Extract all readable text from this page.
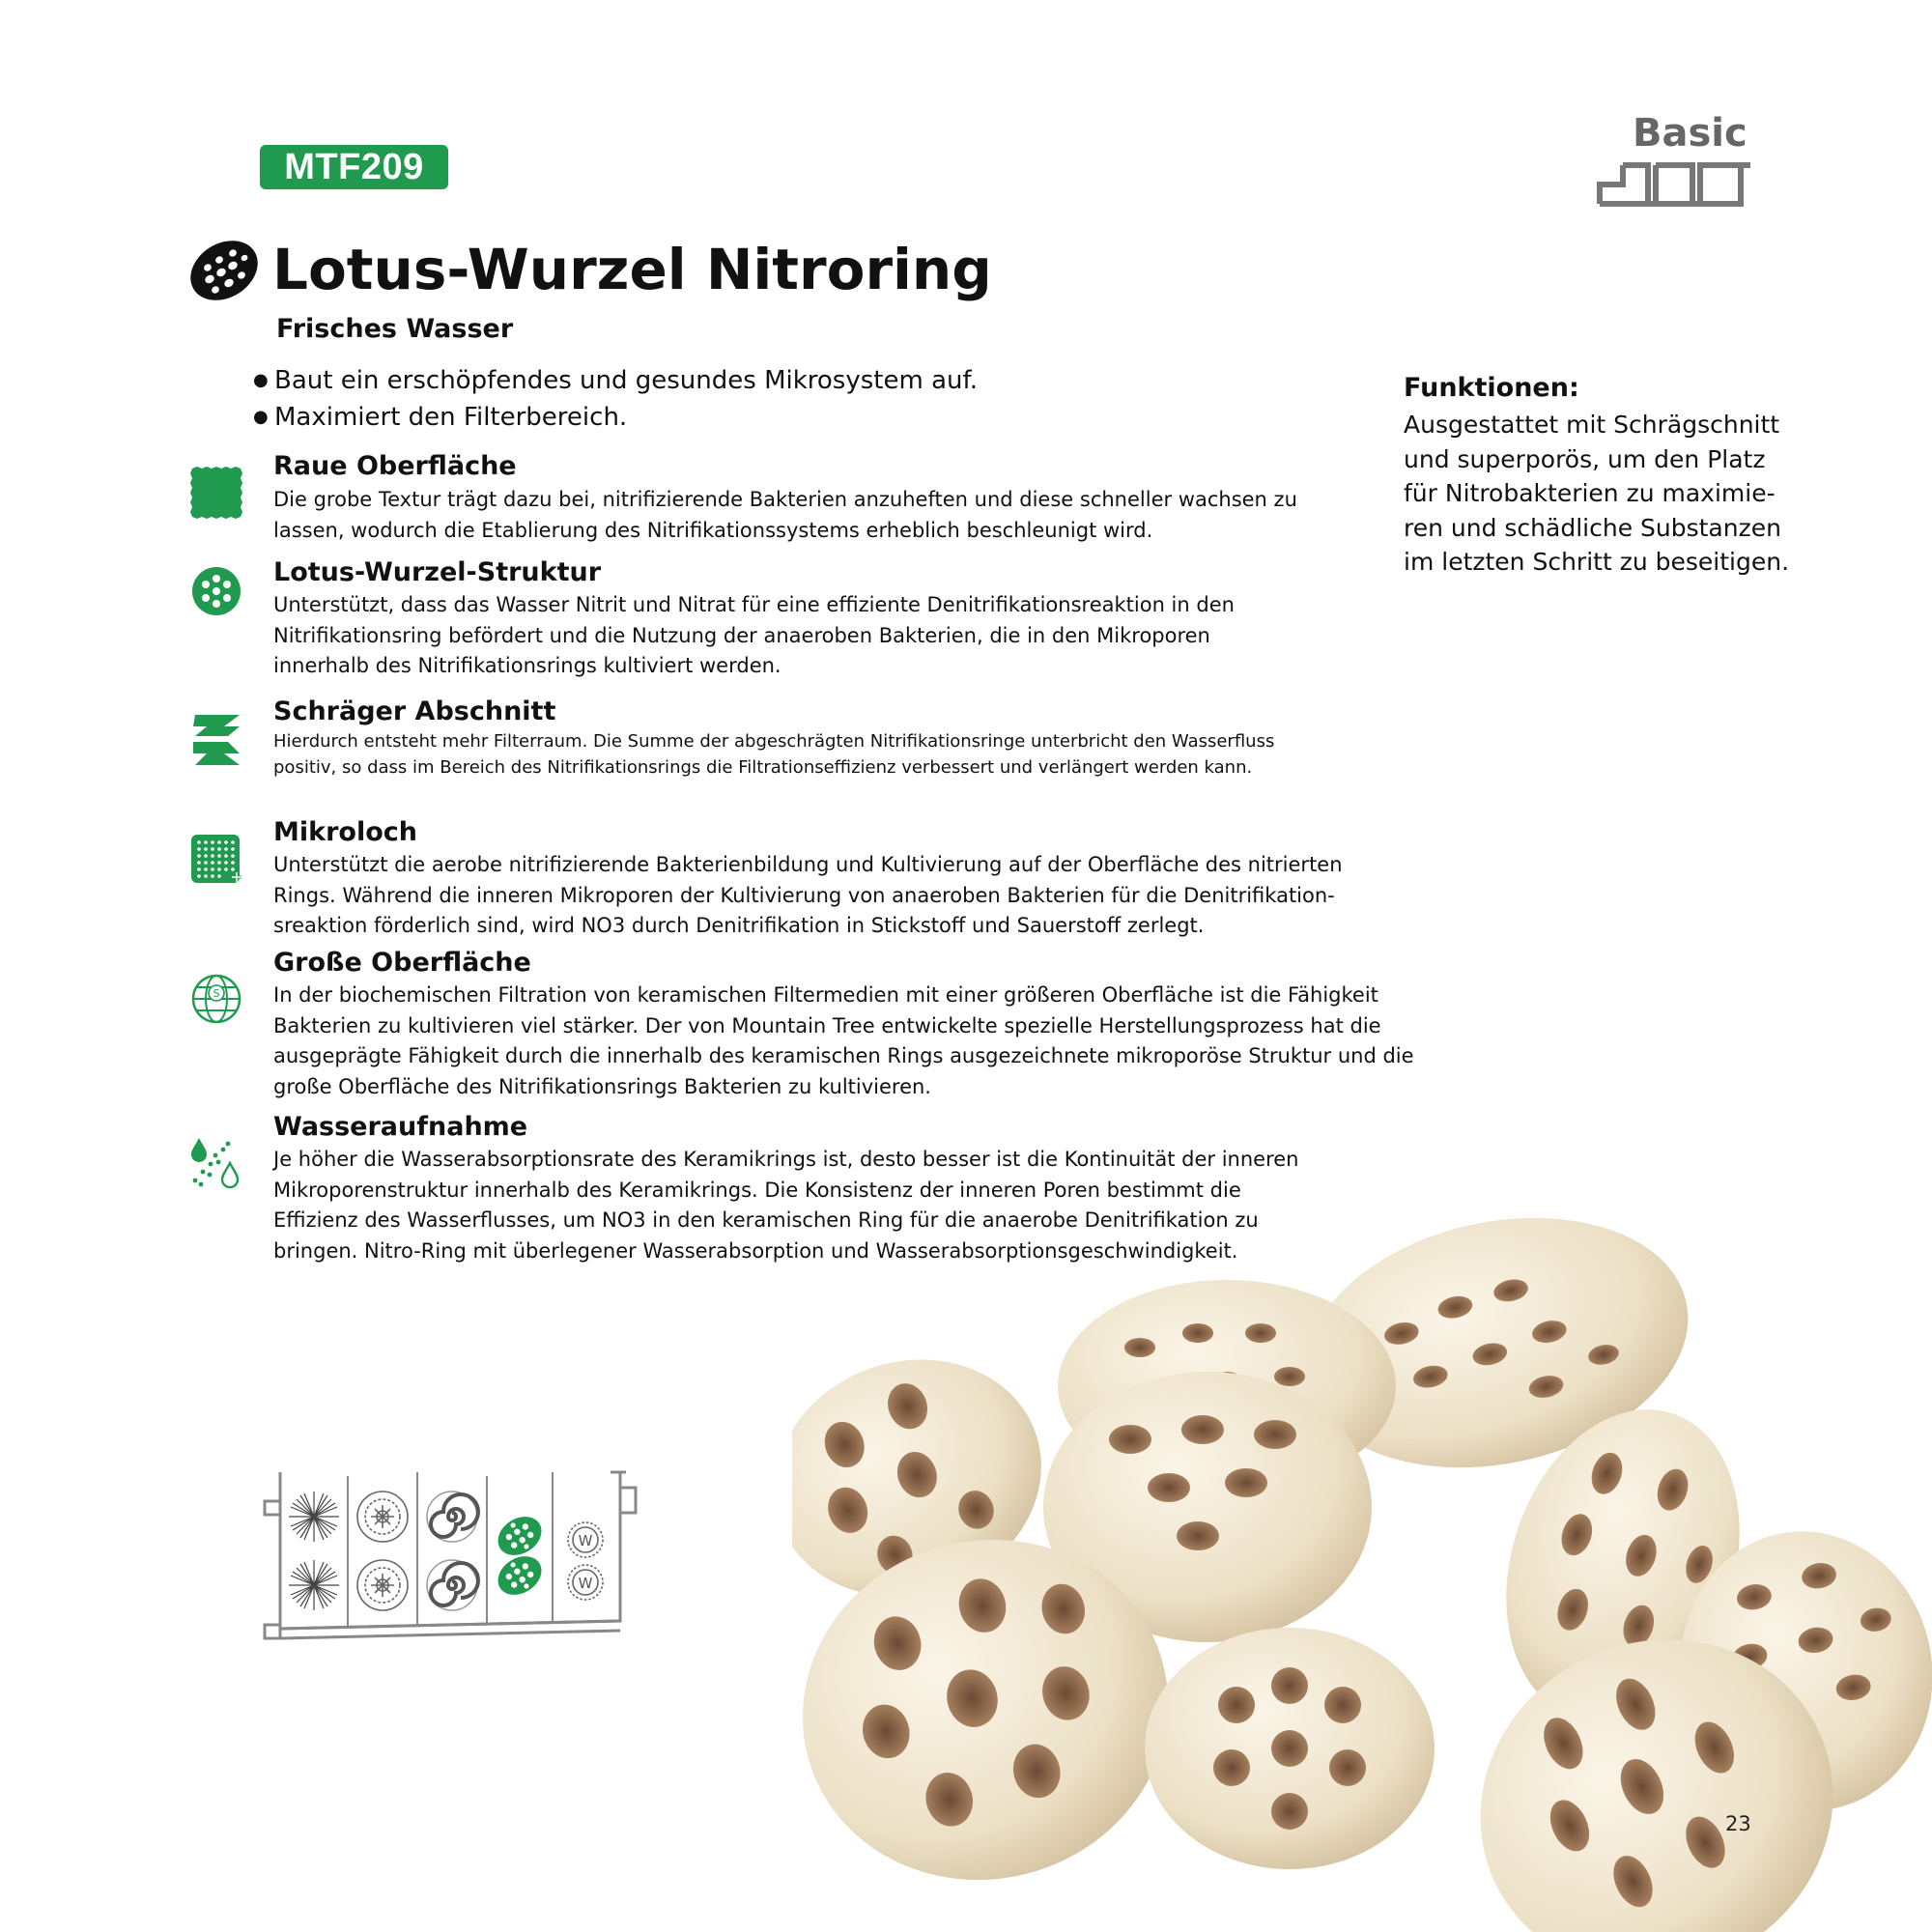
MTF209
Basic
Lotus-Wurzel Nitroring
Frisches Wasser
● Baut ein erschöpfendes und gesundes Mikrosystem auf.
● Maximiert den Filterbereich.
Raue Oberfläche
Die grobe Textur trägt dazu bei, nitrifizierende Bakterien anzuheften und diese schneller wachsen zu
lassen, wodurch die Etablierung des Nitrifikationssystems erheblich beschleunigt wird.
Lotus-Wurzel-Struktur
Unterstützt, dass das Wasser Nitrit und Nitrat für eine effiziente Denitrifikationsreaktion in den
Nitrifikationsring befördert und die Nutzung der anaeroben Bakterien, die in den Mikroporen
innerhalb des Nitrifikationsrings kultiviert werden.
Schräger Abschnitt
Hierdurch entsteht mehr Filterraum. Die Summe der abgeschrägten Nitrifikationsringe unterbricht den Wasserfluss
positiv, so dass im Bereich des Nitrifikationsrings die Filtrationseffizienz verbessert und verlängert werden kann.
Mikroloch
Unterstützt die aerobe nitrifizierende Bakterienbildung und Kultivierung auf der Oberfläche des nitrierten
Rings. Während die inneren Mikroporen der Kultivierung von anaeroben Bakterien für die Denitrifikation-
sreaktion förderlich sind, wird NO3 durch Denitrifikation in Stickstoff und Sauerstoff zerlegt.
S
Große Oberfläche
In der biochemischen Filtration von keramischen Filtermedien mit einer größeren Oberfläche ist die Fähigkeit
Bakterien zu kultivieren viel stärker. Der von Mountain Tree entwickelte spezielle Herstellungsprozess hat die
ausgeprägte Fähigkeit durch die innerhalb des keramischen Rings ausgezeichnete mikroporöse Struktur und die
große Oberfläche des Nitrifikationsrings Bakterien zu kultivieren.
Wasseraufnahme
Je höher die Wasserabsorptionsrate des Keramikrings ist, desto besser ist die Kontinuität der inneren
Mikroporenstruktur innerhalb des Keramikrings. Die Konsistenz der inneren Poren bestimmt die
Effizienz des Wasserflusses, um NO3 in den keramischen Ring für die anaerobe Denitrifikation zu
bringen. Nitro-Ring mit überlegener Wasserabsorption und Wasserabsorptionsgeschwindigkeit.
Funktionen:
Ausgestattet mit Schrägschnitt
und superporös, um den Platz
für Nitrobakterien zu maximie-
ren und schädliche Substanzen
im letzten Schritt zu beseitigen.
W
W
23
